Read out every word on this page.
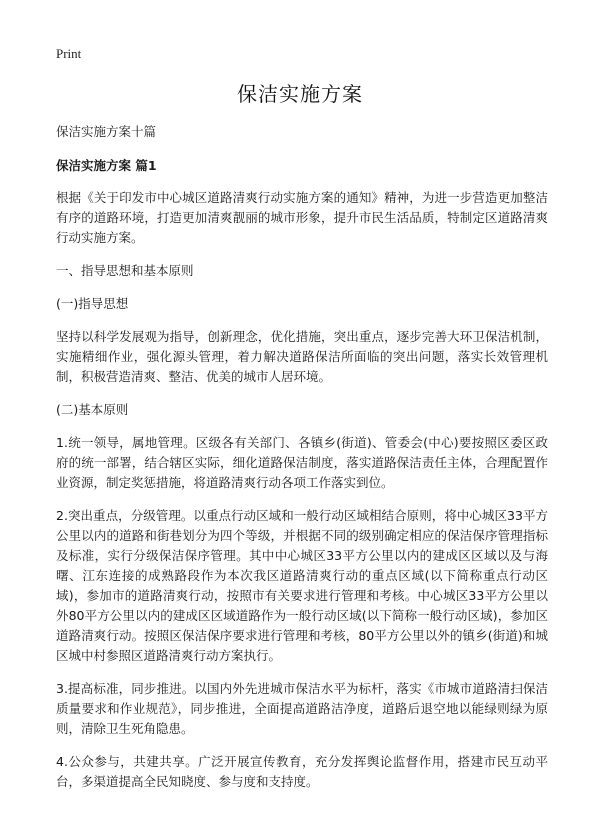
Print
保洁实施方案

保洁实施方案十篇

保洁实施方案 篇1

根据《关于印发市中心城区道路清爽行动实施方案的通知》精神，为进一步营造更加整洁有序的道路环境，打造更加清爽靓丽的城市形象，提升市民生活品质，特制定区道路清爽行动实施方案。

一、指导思想和基本原则

(一)指导思想

坚持以科学发展观为指导，创新理念，优化措施，突出重点，逐步完善大环卫保洁机制，实施精细作业，强化源头管理，着力解决道路保洁所面临的突出问题，落实长效管理机制，积极营造清爽、整洁、优美的城市人居环境。

(二)基本原则

1.统一领导，属地管理。区级各有关部门、各镇乡(街道)、管委会(中心)要按照区委区政府的统一部署，结合辖区实际，细化道路保洁制度，落实道路保洁责任主体，合理配置作业资源，制定奖惩措施，将道路清爽行动各项工作落实到位。

2.突出重点，分级管理。以重点行动区域和一般行动区域相结合原则，将中心城区33平方公里以内的道路和街巷划分为四个等级，并根据不同的级别确定相应的保洁保序管理指标及标准，实行分级保洁保序管理。其中中心城区33平方公里以内的建成区区域以及与海曙、江东连接的成熟路段作为本次我区道路清爽行动的重点区域(以下简称重点行动区域)，参加市的道路清爽行动，按照市有关要求进行管理和考核。中心城区33平方公里以外80平方公里以内的建成区区域道路作为一般行动区域(以下简称一般行动区域)，参加区道路清爽行动。按照区保洁保序要求进行管理和考核，80平方公里以外的镇乡(街道)和城区城中村参照区道路清爽行动方案执行。

3.提高标准，同步推进。以国内外先进城市保洁水平为标杆，落实《市城市道路清扫保洁质量要求和作业规范》，同步推进，全面提高道路洁净度，道路后退空地以能绿则绿为原则，清除卫生死角隐患。

4.公众参与，共建共享。广泛开展宣传教育，充分发挥舆论监督作用，搭建市民互动平台，多渠道提高全民知晓度、参与度和支持度。
